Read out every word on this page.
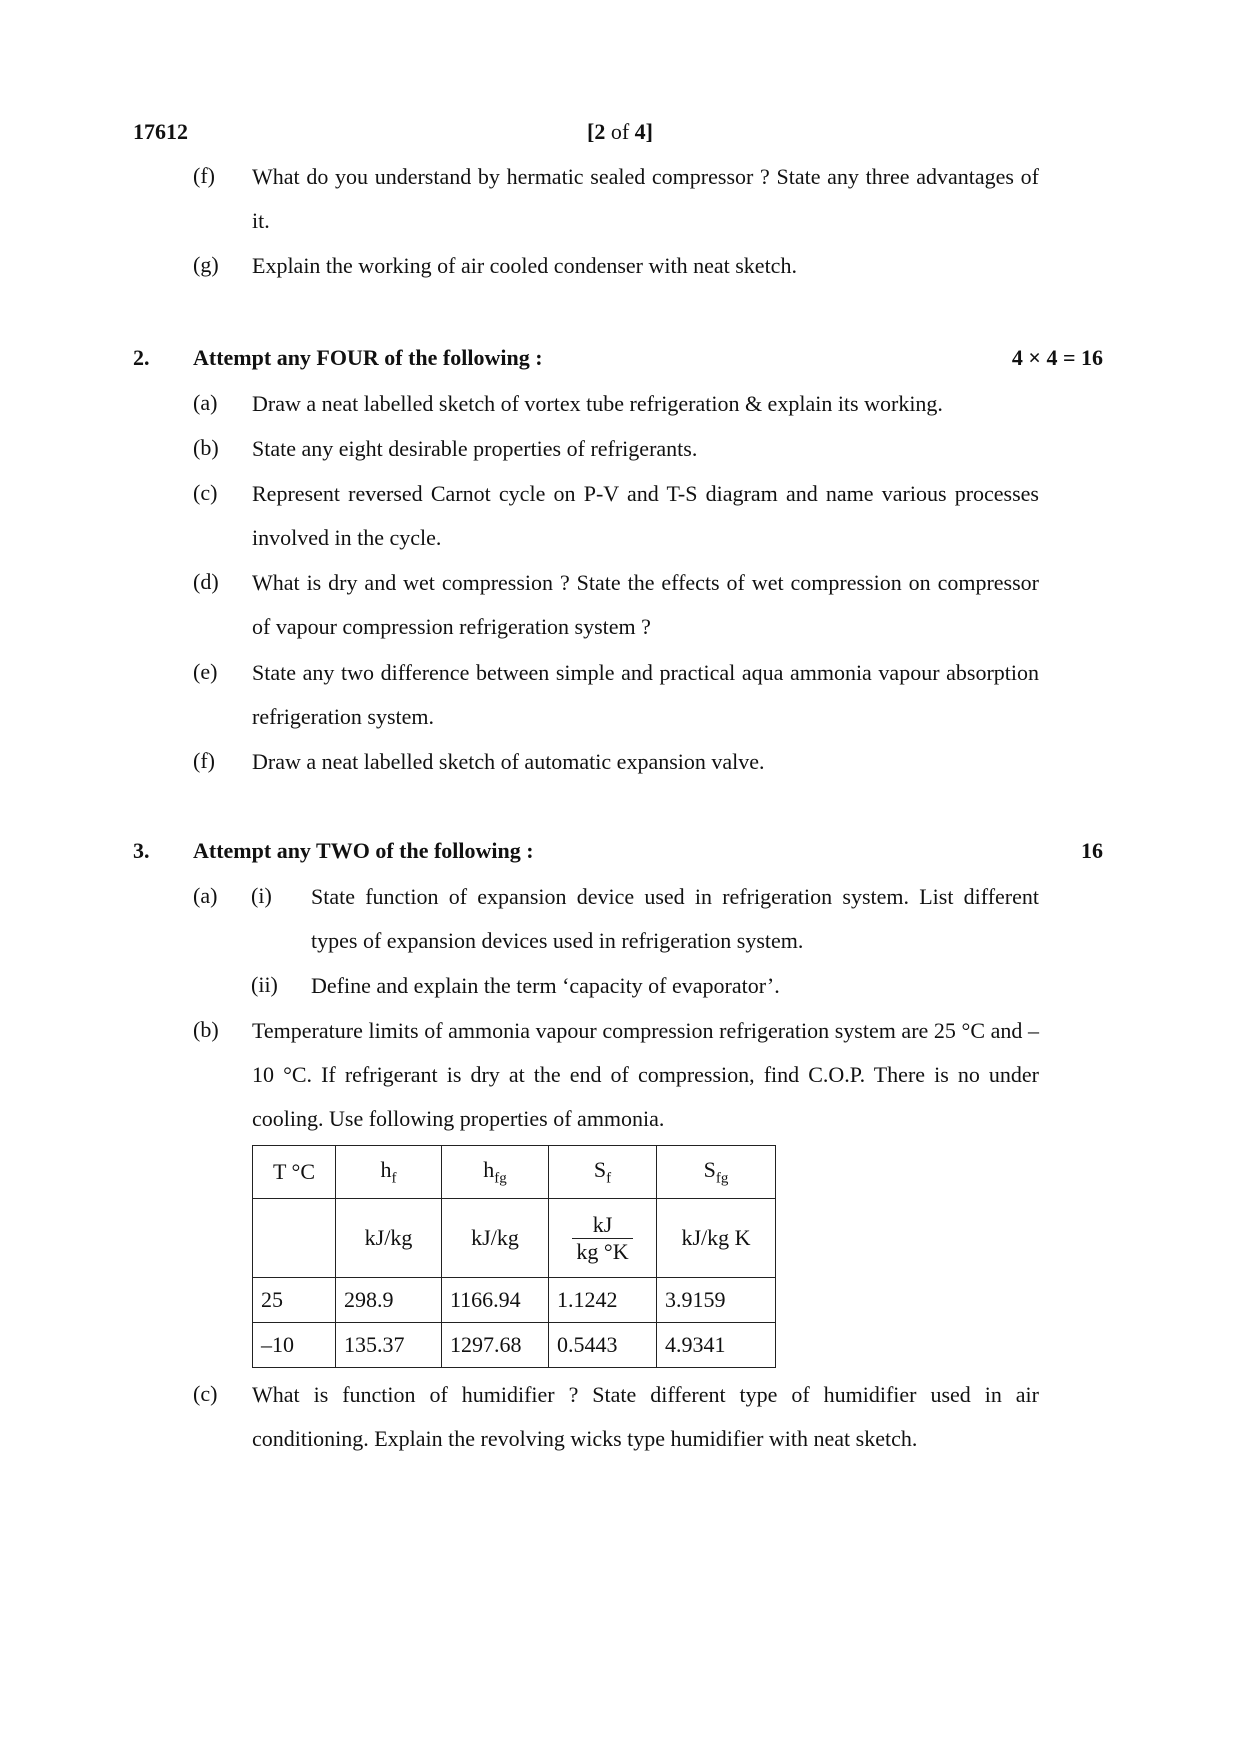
17612	[2 of 4]
(f) What do you understand by hermatic sealed compressor ? State any three advantages of it.
(g) Explain the working of air cooled condenser with neat sketch.
2. Attempt any FOUR of the following :	4 × 4 = 16
(a) Draw a neat labelled sketch of vortex tube refrigeration & explain its working.
(b) State any eight desirable properties of refrigerants.
(c) Represent reversed Carnot cycle on P-V and T-S diagram and name various processes involved in the cycle.
(d) What is dry and wet compression ? State the effects of wet compression on compressor of vapour compression refrigeration system ?
(e) State any two difference between simple and practical aqua ammonia vapour absorption refrigeration system.
(f) Draw a neat labelled sketch of automatic expansion valve.
3. Attempt any TWO of the following :	16
(a) (i) State function of expansion device used in refrigeration system. List different types of expansion devices used in refrigeration system.
(ii) Define and explain the term ‘capacity of evaporator’.
(b) Temperature limits of ammonia vapour compression refrigeration system are 25 °C and –10 °C. If refrigerant is dry at the end of compression, find C.O.P. There is no under cooling. Use following properties of ammonia.
T °C	$h_f$	$h_{fg}$	$S_f$	$S_{fg}$
	kJ/kg	kJ/kg	$\frac{kJ}{kg ^\circ K}$	kJ/kg K
25	298.9	1166.94	1.1242	3.9159
–10	135.37	1297.68	0.5443	4.9341
(c) What is function of humidifier ? State different type of humidifier used in air conditioning. Explain the revolving wicks type humidifier with neat sketch.
